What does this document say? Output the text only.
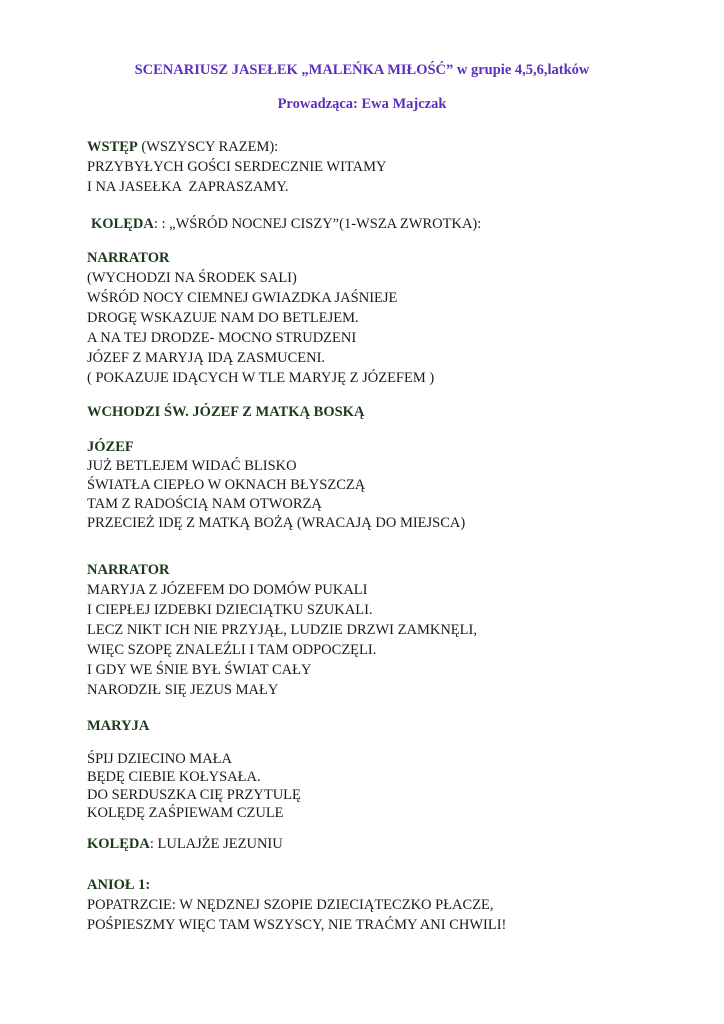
SCENARIUSZ JASEŁEK „MALEŃKA MIŁOŚĆ” w grupie 4,5,6,latków
Prowadząca: Ewa Majczak
WSTĘP (WSZYSCY RAZEM):
PRZYBYŁYCH GOŚCI SERDECZNIE WITAMY
I NA JASEŁKA  ZAPRASZAMY.
KOLĘDA: : „WŚRÓD NOCNEJ CISZY”(1-WSZA ZWROTKA):
NARRATOR
(WYCHODZI NA ŚRODEK SALI)
WŚRÓD NOCY CIEMNEJ GWIAZDKA JAŚNIEJE
DROGĘ WSKAZUJE NAM DO BETLEJEM.
A NA TEJ DRODZE- MOCNO STRUDZENI
JÓZEF Z MARYJĄ IDĄ ZASMUCENI.
( POKAZUJE IDĄCYCH W TLE MARYJĘ Z JÓZEFEM )
WCHODZI ŚW. JÓZEF Z MATKĄ BOSKĄ
JÓZEF
JUŻ BETLEJEM WIDAĆ BLISKO
ŚWIATŁA CIEPŁO W OKNACH BŁYSZCZĄ
TAM Z RADOŚCIĄ NAM OTWORZĄ
PRZECIEŻ IDĘ Z MATKĄ BOŻĄ (WRACAJĄ DO MIEJSCA)
NARRATOR
MARYJA Z JÓZEFEM DO DOMÓW PUKALI
I CIEPŁEJ IZDEBKI DZIECIĄTKU SZUKALI.
LECZ NIKT ICH NIE PRZYJĄŁ, LUDZIE DRZWI ZAMKNĘLI,
WIĘC SZOPĘ ZNALEŹLI I TAM ODPOCZĘLI.
I GDY WE ŚNIE BYŁ ŚWIAT CAŁY
NARODZIŁ SIĘ JEZUS MAŁY
MARYJA
ŚPIJ DZIECINO MAŁA
BĘDĘ CIEBIE KOŁYSAŁA.
DO SERDUSZKA CIĘ PRZYTULĘ
KOLĘDĘ ZAŚPIEWAM CZULE
KOLĘDA: LULAJŻE JEZUNIU
ANIOŁ 1:
POPATRZCIE: W NĘDZNEJ SZOPIE DZIECIĄTECZKO PŁACZE,
POŚPIESZMY WIĘC TAM WSZYSCY, NIE TRAĆMY ANI CHWILI!
